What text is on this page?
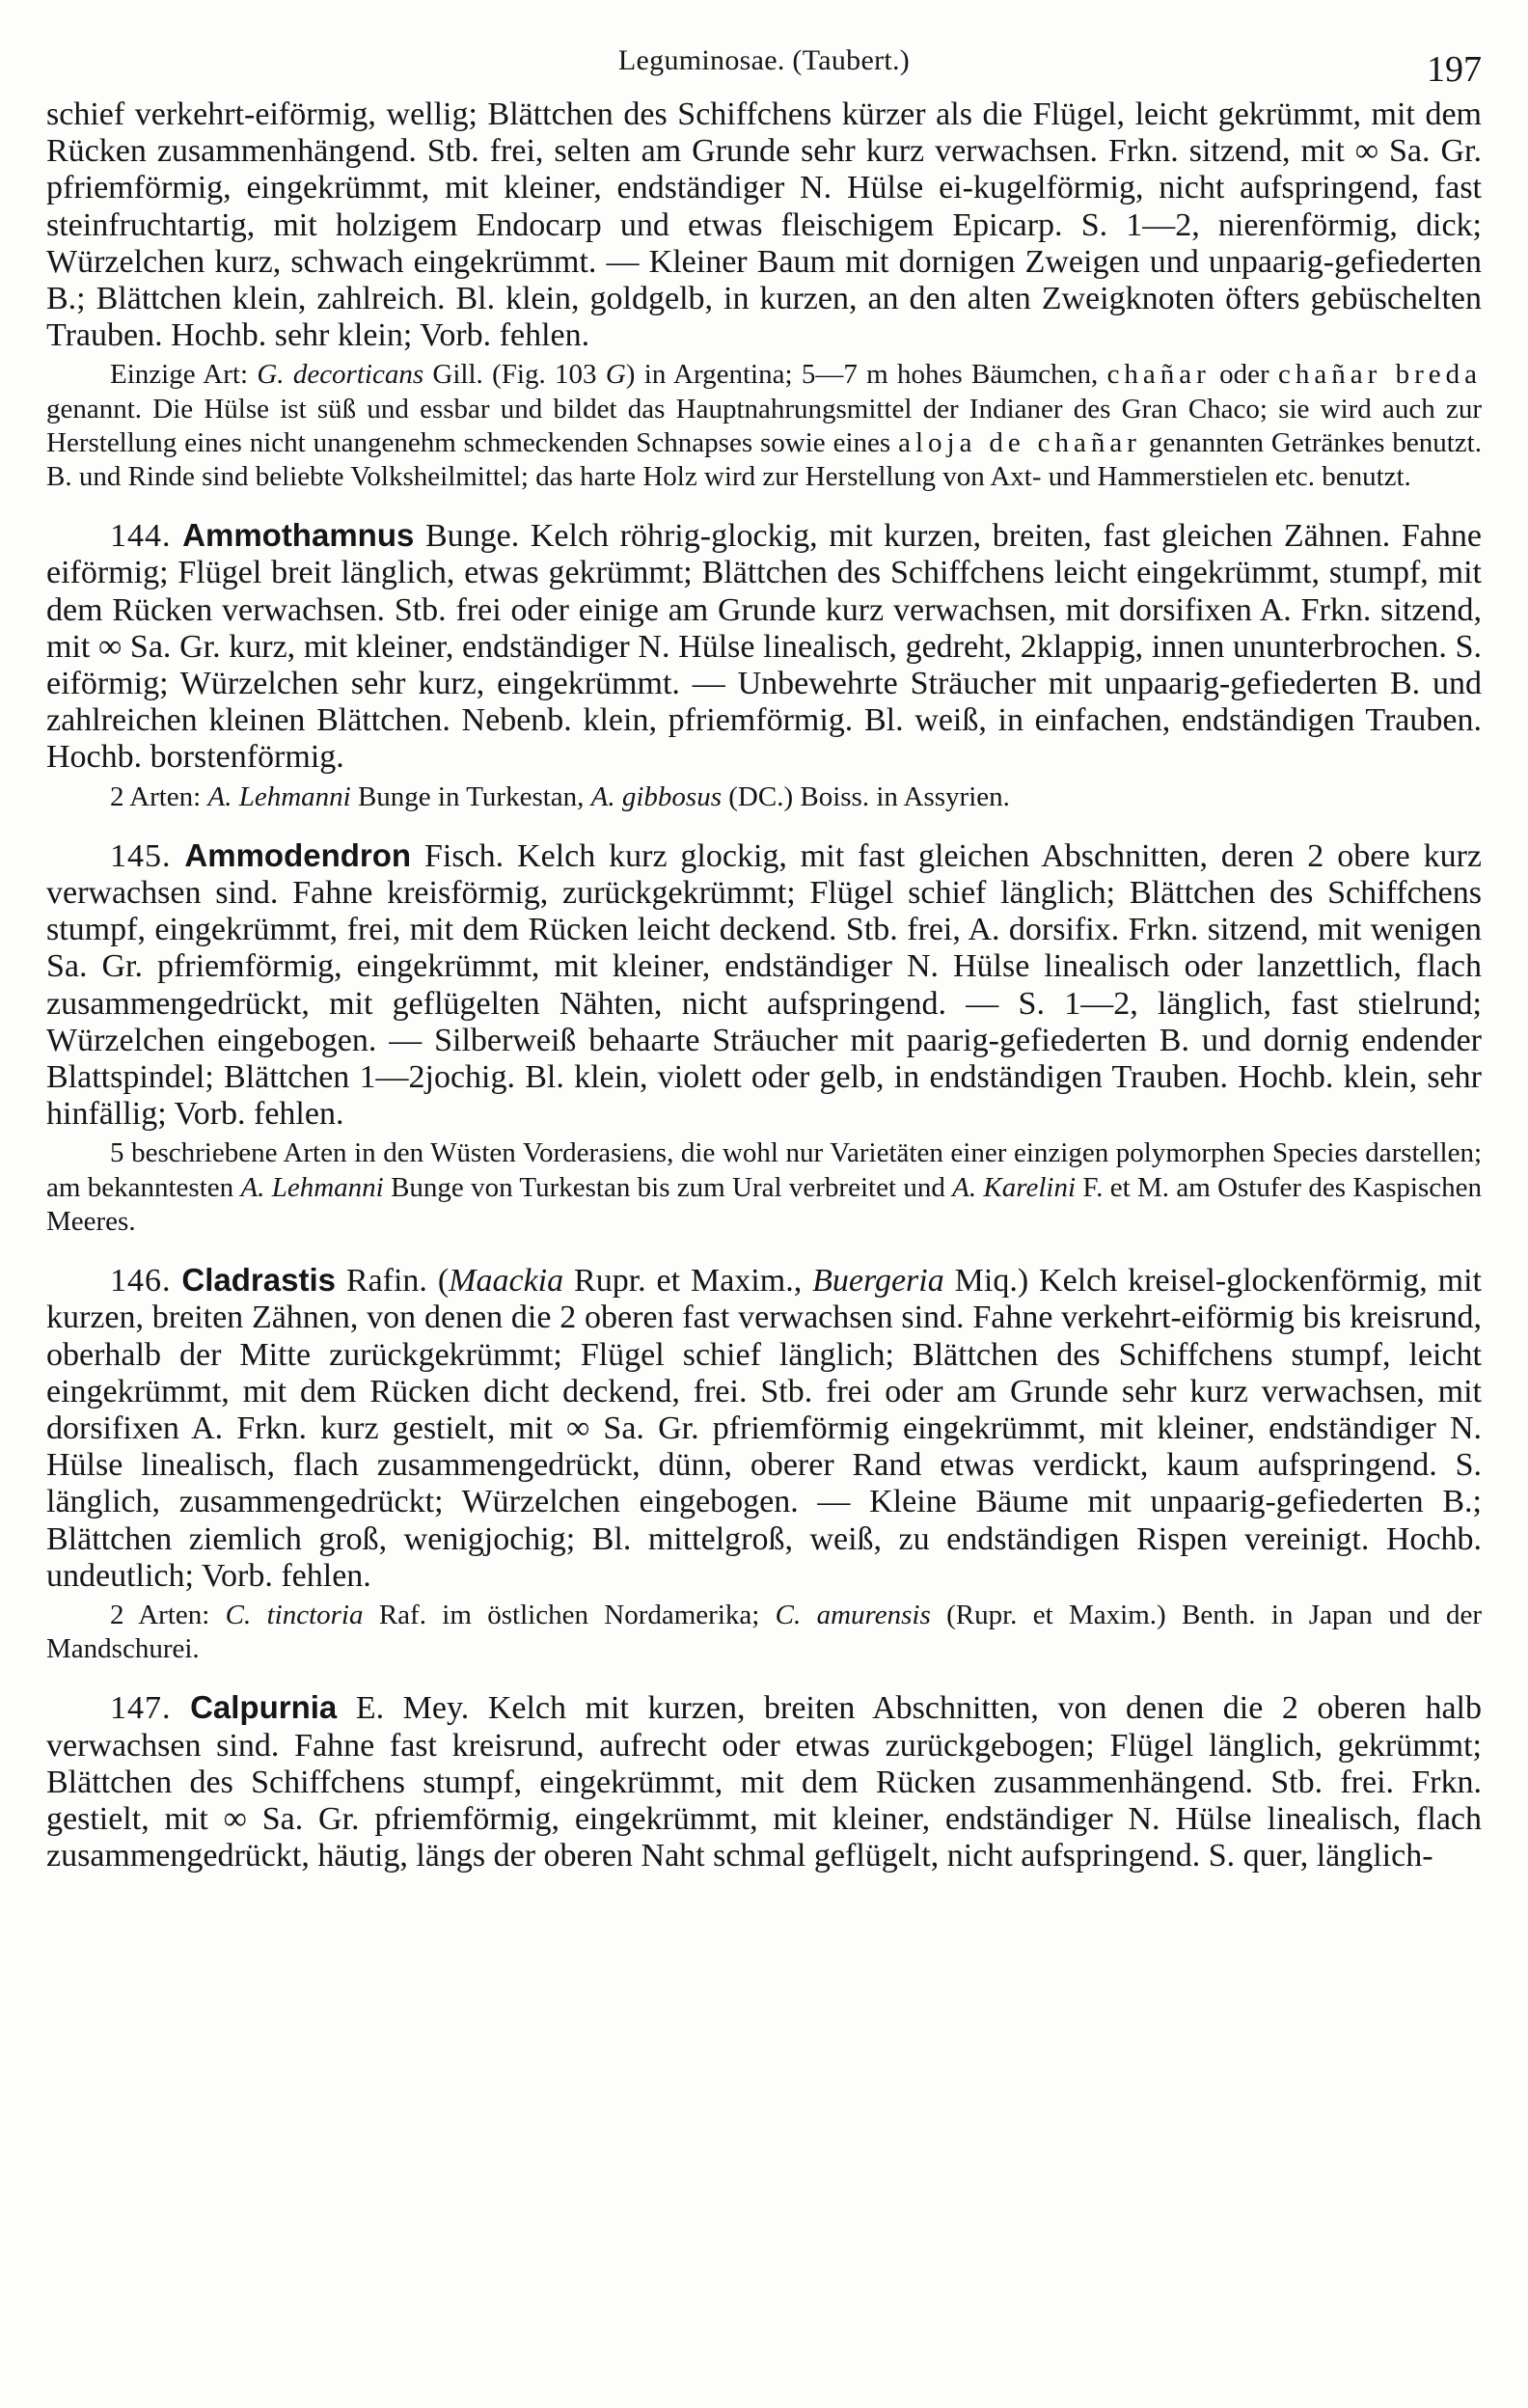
Leguminosae. (Taubert.)	197

schief verkehrt-eiförmig, wellig; Blättchen des Schiffchens kürzer als die Flügel, leicht gekrümmt, mit dem Rücken zusammenhängend. Stb. frei, selten am Grunde sehr kurz verwachsen. Frkn. sitzend, mit ∞ Sa. Gr. pfriemförmig, eingekrümmt, mit kleiner, endständiger N. Hülse ei-kugelförmig, nicht aufspringend, fast steinfruchtartig, mit holzigem Endocarp und etwas fleischigem Epicarp. S. 1—2, nierenförmig, dick; Würzelchen kurz, schwach eingekrümmt. — Kleiner Baum mit dornigen Zweigen und unpaarig-gefiederten B.; Blättchen klein, zahlreich. Bl. klein, goldgelb, in kurzen, an den alten Zweigknoten öfters gebüschelten Trauben. Hochb. sehr klein; Vorb. fehlen.

Einzige Art: G. decorticans Gill. (Fig. 103 G) in Argentina; 5—7 m hohes Bäumchen, chañar oder chañar breda genannt. Die Hülse ist süß und essbar und bildet das Hauptnahrungsmittel der Indianer des Gran Chaco; sie wird auch zur Herstellung eines nicht unangenehm schmeckenden Schnapses sowie eines aloja de chañar genannten Getränkes benutzt. B. und Rinde sind beliebte Volksheilmittel; das harte Holz wird zur Herstellung von Axt- und Hammerstielen etc. benutzt.

144. Ammothamnus Bunge. Kelch röhrig-glockig, mit kurzen, breiten, fast gleichen Zähnen. Fahne eiförmig; Flügel breit länglich, etwas gekrümmt; Blättchen des Schiffchens leicht eingekrümmt, stumpf, mit dem Rücken verwachsen. Stb. frei oder einige am Grunde kurz verwachsen, mit dorsifixen A. Frkn. sitzend, mit ∞ Sa. Gr. kurz, mit kleiner, endständiger N. Hülse linealisch, gedreht, 2klappig, innen ununterbrochen. S. eiförmig; Würzelchen sehr kurz, eingekrümmt. — Unbewehrte Sträucher mit unpaarig-gefiederten B. und zahlreichen kleinen Blättchen. Nebenb. klein, pfriemförmig. Bl. weiß, in einfachen, endständigen Trauben. Hochb. borstenförmig.

2 Arten: A. Lehmanni Bunge in Turkestan, A. gibbosus (DC.) Boiss. in Assyrien.

145. Ammodendron Fisch. Kelch kurz glockig, mit fast gleichen Abschnitten, deren 2 obere kurz verwachsen sind. Fahne kreisförmig, zurückgekrümmt; Flügel schief länglich; Blättchen des Schiffchens stumpf, eingekrümmt, frei, mit dem Rücken leicht deckend. Stb. frei, A. dorsifix. Frkn. sitzend, mit wenigen Sa. Gr. pfriemförmig, eingekrümmt, mit kleiner, endständiger N. Hülse linealisch oder lanzettlich, flach zusammengedrückt, mit geflügelten Nähten, nicht aufspringend. — S. 1—2, länglich, fast stielrund; Würzelchen eingebogen. — Silberweiß behaarte Sträucher mit paarig-gefiederten B. und dornig endender Blattspindel; Blättchen 1—2jochig. Bl. klein, violett oder gelb, in endständigen Trauben. Hochb. klein, sehr hinfällig; Vorb. fehlen.

5 beschriebene Arten in den Wüsten Vorderasiens, die wohl nur Varietäten einer einzigen polymorphen Species darstellen; am bekanntesten A. Lehmanni Bunge von Turkestan bis zum Ural verbreitet und A. Karelini F. et M. am Ostufer des Kaspischen Meeres.

146. Cladrastis Rafin. (Maackia Rupr. et Maxim., Buergeria Miq.) Kelch kreisel-glockenförmig, mit kurzen, breiten Zähnen, von denen die 2 oberen fast verwachsen sind. Fahne verkehrt-eiförmig bis kreisrund, oberhalb der Mitte zurückgekrümmt; Flügel schief länglich; Blättchen des Schiffchens stumpf, leicht eingekrümmt, mit dem Rücken dicht deckend, frei. Stb. frei oder am Grunde sehr kurz verwachsen, mit dorsifixen A. Frkn. kurz gestielt, mit ∞ Sa. Gr. pfriemförmig eingekrümmt, mit kleiner, endständiger N. Hülse linealisch, flach zusammengedrückt, dünn, oberer Rand etwas verdickt, kaum aufspringend. S. länglich, zusammengedrückt; Würzelchen eingebogen. — Kleine Bäume mit unpaarig-gefiederten B.; Blättchen ziemlich groß, wenigjochig; Bl. mittelgroß, weiß, zu endständigen Rispen vereinigt. Hochb. undeutlich; Vorb. fehlen.

2 Arten: C. tinctoria Raf. im östlichen Nordamerika; C. amurensis (Rupr. et Maxim.) Benth. in Japan und der Mandschurei.

147. Calpurnia E. Mey. Kelch mit kurzen, breiten Abschnitten, von denen die 2 oberen halb verwachsen sind. Fahne fast kreisrund, aufrecht oder etwas zurückgebogen; Flügel länglich, gekrümmt; Blättchen des Schiffchens stumpf, eingekrümmt, mit dem Rücken zusammenhängend. Stb. frei. Frkn. gestielt, mit ∞ Sa. Gr. pfriemförmig, eingekrümmt, mit kleiner, endständiger N. Hülse linealisch, flach zusammengedrückt, häutig, längs der oberen Naht schmal geflügelt, nicht aufspringend. S. quer, länglich-
